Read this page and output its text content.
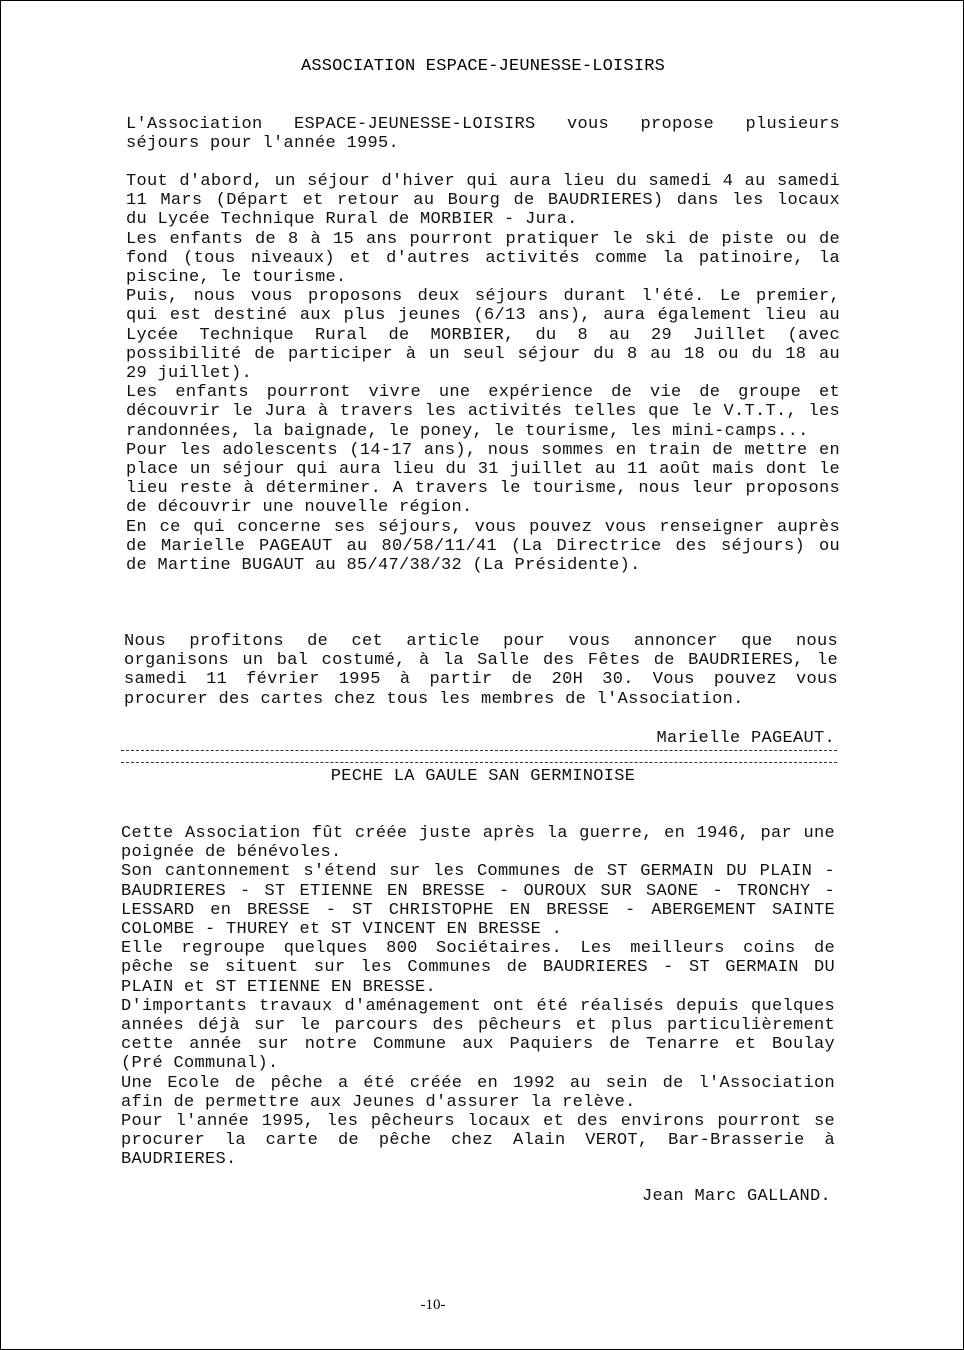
ASSOCIATION ESPACE-JEUNESSE-LOISIRS

L'Association ESPACE-JEUNESSE-LOISIRS vous propose plusieurs séjours pour l'année 1995.

Tout d'abord, un séjour d'hiver qui aura lieu du samedi 4 au samedi 11 Mars (Départ et retour au Bourg de BAUDRIERES) dans les locaux du Lycée Technique Rural de MORBIER - Jura.

Les enfants de 8 à 15 ans pourront pratiquer le ski de piste ou de fond (tous niveaux) et d'autres activités comme la patinoire, la piscine, le tourisme.

Puis, nous vous proposons deux séjours durant l'été. Le premier, qui est destiné aux plus jeunes (6/13 ans), aura également lieu au Lycée Technique Rural de MORBIER, du 8 au 29 Juillet (avec possibilité de participer à un seul séjour du 8 au 18 ou du 18 au 29 juillet).

Les enfants pourront vivre une expérience de vie de groupe et découvrir le Jura à travers les activités telles que le V.T.T., les randonnées, la baignade, le poney, le tourisme, les mini-camps...

Pour les adolescents (14-17 ans), nous sommes en train de mettre en place un séjour qui aura lieu du 31 juillet au 11 août mais dont le lieu reste à déterminer. A travers le tourisme, nous leur proposons de découvrir une nouvelle région.

En ce qui concerne ses séjours, vous pouvez vous renseigner auprès de Marielle PAGEAUT au 80/58/11/41 (La Directrice des séjours) ou de Martine BUGAUT au 85/47/38/32 (La Présidente).

Nous profitons de cet article pour vous annoncer que nous organisons un bal costumé, à la Salle des Fêtes de BAUDRIERES, le samedi 11 février 1995 à partir de 20H 30. Vous pouvez vous procurer des cartes chez tous les membres de l'Association.

Marielle PAGEAUT.
PECHE LA GAULE SAN GERMINOISE

Cette Association fût créée juste après la guerre, en 1946, par une poignée de bénévoles.

Son cantonnement s'étend sur les Communes de ST GERMAIN DU PLAIN - BAUDRIERES - ST ETIENNE EN BRESSE - OUROUX SUR SAONE - TRONCHY - LESSARD en BRESSE - ST CHRISTOPHE EN BRESSE - ABERGEMENT SAINTE COLOMBE - THUREY et ST VINCENT EN BRESSE .

Elle regroupe quelques 800 Sociétaires. Les meilleurs coins de pêche se situent sur les Communes de BAUDRIERES - ST GERMAIN DU PLAIN et ST ETIENNE EN BRESSE.

D'importants travaux d'aménagement ont été réalisés depuis quelques années déjà sur le parcours des pêcheurs et plus particulièrement cette année sur notre Commune aux Paquiers de Tenarre et Boulay (Pré Communal).

Une Ecole de pêche a été créée en 1992 au sein de l'Association afin de permettre aux Jeunes d'assurer la relève.

Pour l'année 1995, les pêcheurs locaux et des environs pourront se procurer la carte de pêche chez Alain VEROT, Bar-Brasserie à BAUDRIERES.

Jean Marc GALLAND.
-10-
